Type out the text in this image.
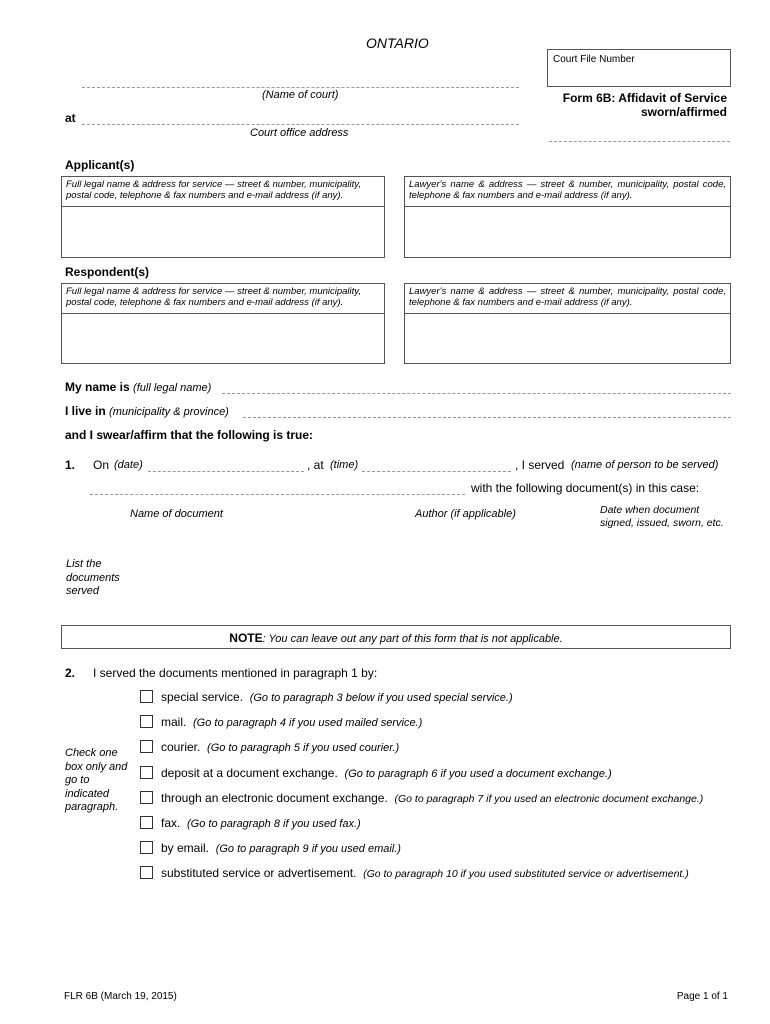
ONTARIO
Court File Number
(Name of court)
at
Court office address
Form 6B: Affidavit of Service
sworn/affirmed
Applicant(s)
Full legal name & address for service — street & number, municipality, postal code, telephone & fax numbers and e-mail address (if any).
Lawyer's name & address — street & number, municipality, postal code, telephone & fax numbers and e-mail address (if any).
Respondent(s)
Full legal name & address for service — street & number, municipality, postal code, telephone & fax numbers and e-mail address (if any).
Lawyer's name & address — street & number, municipality, postal code, telephone & fax numbers and e-mail address (if any).
My name is (full legal name)
I live in (municipality & province)
and I swear/affirm that the following is true:
1. On (date)	, at (time)	, I served (name of person to be served)
with the following document(s) in this case:
Name of document	Author (if applicable)	Date when document
signed, issued, sworn, etc.
List the
documents
served
NOTE: You can leave out any part of this form that is not applicable.
2. I served the documents mentioned in paragraph 1 by:
Check one
box only and
go to
indicated
paragraph.
special service. (Go to paragraph 3 below if you used special service.)
mail. (Go to paragraph 4 if you used mailed service.)
courier. (Go to paragraph 5 if you used courier.)
deposit at a document exchange. (Go to paragraph 6 if you used a document exchange.)
through an electronic document exchange. (Go to paragraph 7 if you used an electronic document exchange.)
fax. (Go to paragraph 8 if you used fax.)
by email. (Go to paragraph 9 if you used email.)
substituted service or advertisement. (Go to paragraph 10 if you used substituted service or advertisement.)
FLR 6B (March 19, 2015)	Page 1 of 1
